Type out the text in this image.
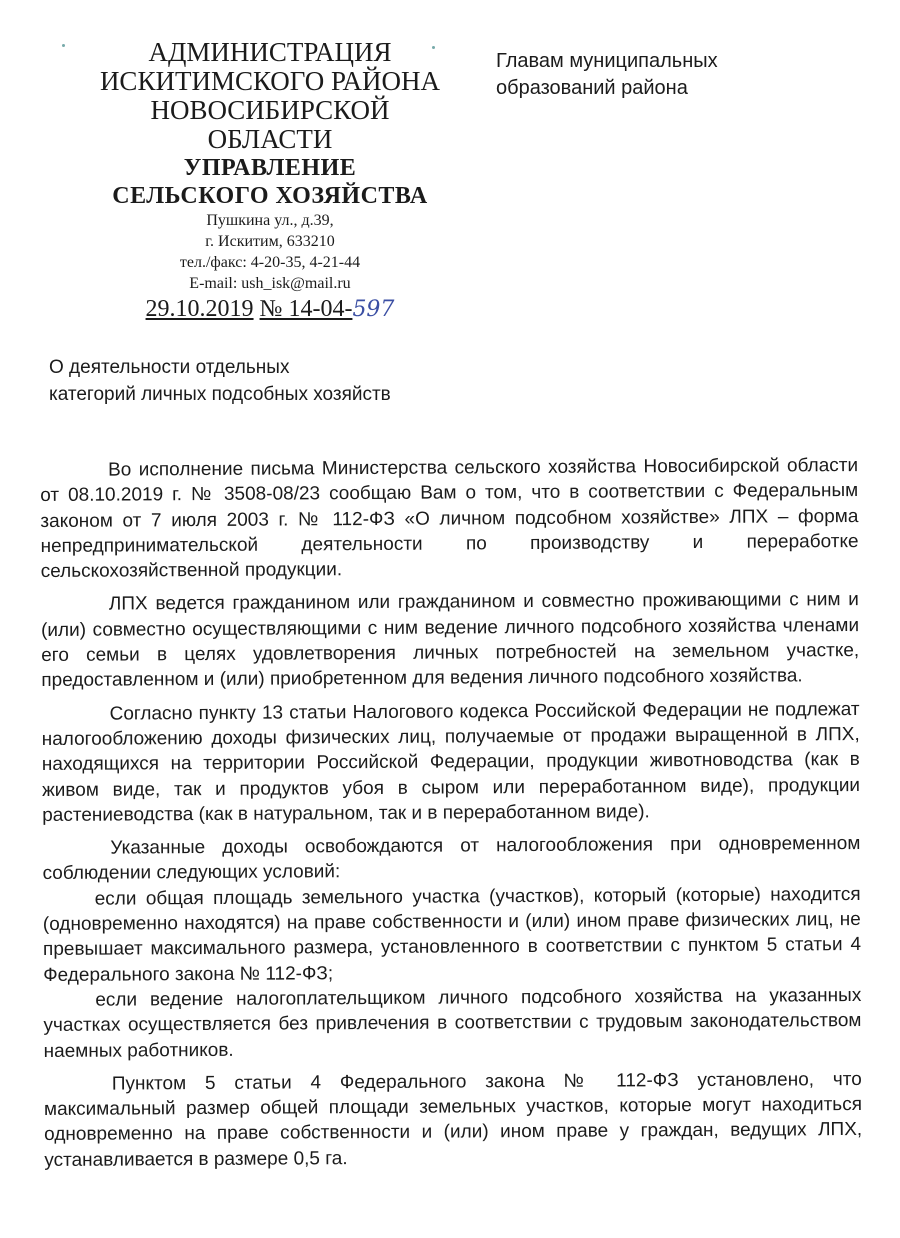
АДМИНИСТРАЦИЯ

ИСКИТИМСКОГО РАЙОНА

НОВОСИБИРСКОЙ ОБЛАСТИ

УПРАВЛЕНИЕ

СЕЛЬСКОГО ХОЗЯЙСТВА

Пушкина ул., д.39,

г. Искитим, 633210

тел./факс: 4-20-35, 4-21-44

E-mail: ush_isk@mail.ru

29.10.2019 № 14-04-597
Главам муниципальных
образований района
О деятельности отдельных
категорий личных подсобных хозяйств

Во исполнение письма Министерства сельского хозяйства Новосибирской области от 08.10.2019 г. № 3508-08/23 сообщаю Вам о том, что в соответствии с Федеральным законом от 7 июля 2003 г. № 112-ФЗ «О личном подсобном хозяйстве» ЛПХ – форма непредпринимательской деятельности по производству и переработке сельскохозяйственной продукции.

ЛПХ ведется гражданином или гражданином и совместно проживающими с ним и (или) совместно осуществляющими с ним ведение личного подсобного хозяйства членами его семьи в целях удовлетворения личных потребностей на земельном участке, предоставленном и (или) приобретенном для ведения личного подсобного хозяйства.

Согласно пункту 13 статьи Налогового кодекса Российской Федерации не подлежат налогообложению доходы физических лиц, получаемые от продажи выращенной в ЛПХ, находящихся на территории Российской Федерации, продукции животноводства (как в живом виде, так и продуктов убоя в сыром или переработанном виде), продукции растениеводства (как в натуральном, так и в переработанном виде).

Указанные доходы освобождаются от налогообложения при одновременном соблюдении следующих условий:

если общая площадь земельного участка (участков), который (которые) находится (одновременно находятся) на праве собственности и (или) ином праве физических лиц, не превышает максимального размера, установленного в соответствии с пунктом 5 статьи 4 Федерального закона № 112-ФЗ;

если ведение налогоплательщиком личного подсобного хозяйства на указанных участках осуществляется без привлечения в соответствии с трудовым законодательством наемных работников.

Пунктом 5 статьи 4 Федерального закона № 112-ФЗ установлено, что максимальный размер общей площади земельных участков, которые могут находиться одновременно на праве собственности и (или) ином праве у граждан, ведущих ЛПХ, устанавливается в размере 0,5 га.
